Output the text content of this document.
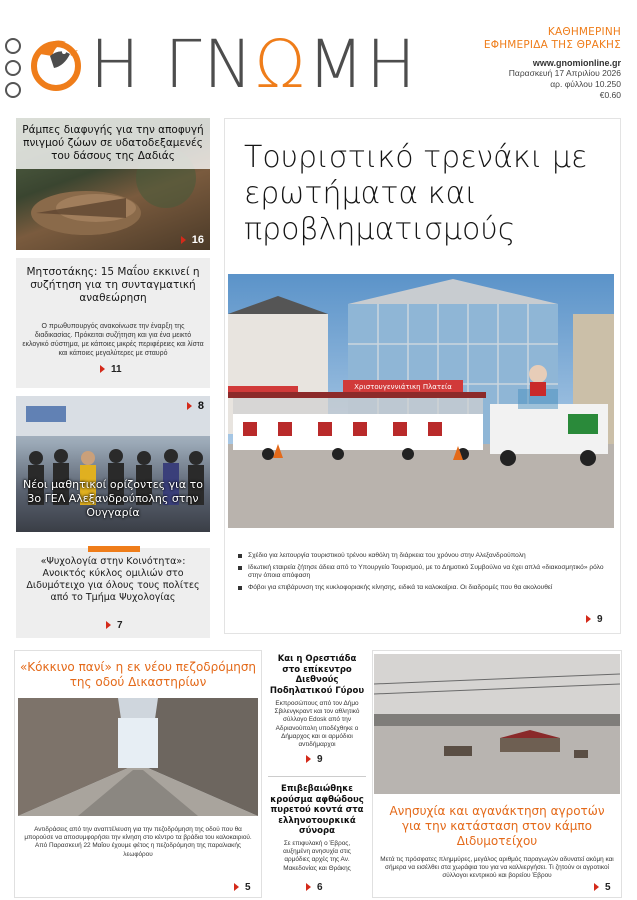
Η ΓΝΩΜΗ	ΚΑΘΗΜΕΡΙΝΗ
ΕΦΗΜΕΡΙΔΑ ΤΗΣ ΘΡΑΚΗΣ
www.gnomionline.gr
Παρασκευή 17 Απριλίου 2026
αρ. φύλλου 10.250
€0.60
Ράμπες διαφυγής για την αποφυγή πνιγμού ζώων σε υδατοδεξαμενές του δάσους της Δαδιάς
16
Μητσοτάκης: 15 Μαΐου εκκινεί η συζήτηση για τη συνταγματική αναθεώρηση
Ο πρωθυπουργός ανακοίνωσε την έναρξη της διαδικασίας. Πρόκειται συζήτηση και για ένα μεικτό εκλογικό σύστημα, με κάποιες μικρές περιφέρειες και λίστα και κάποιες μεγαλύτερες με σταυρό
11
8
Νέοι μαθητικοί ορίζοντες για το 3ο ΓΕΛ Αλεξανδρούπολης στην Ουγγαρία
«Ψυχολογία στην Κοινότητα»: Ανοικτός κύκλος ομιλιών στο Διδυμότειχο για όλους τους πολίτες από το Τμήμα Ψυχολογίας
7
Τουριστικό τρενάκι με ερωτήματα και προβληματισμούς
Χριστουγεννιάτικη Πλατεία
Σχέδιο για λειτουργία τουριστικού τρένου καθόλη τη διάρκεια του χρόνου στην Αλεξανδρούπολη
Ιδιωτική εταιρεία ζήτησε άδεια από το Υπουργείο Τουρισμού, με το Δημοτικό Συμβούλιο να έχει απλά «διακοσμητικό» ρόλο στην όποια απόφαση
Φόβοι για επιβάρυνση της κυκλοφοριακής κίνησης, ειδικά τα καλοκαίρια. Οι διαδρομές που θα ακολουθεί
9
«Κόκκινο πανί» η εκ νέου πεζοδρόμηση της οδού Δικαστηρίων
Αντιδράσεις από την αναπτέλευση για την πεζοδρόμηση της οδού που θα μπορούσε να αποσυμφορήσει την κίνηση στο κέντρο τα βράδια του καλοκαιριού. Από Παρασκευή 22 Μαΐου έχουμε φέτος η πεζοδρόμηση της παραλιακής λεωφόρου
5
Και η Ορεστιάδα στο επίκεντρο Διεθνούς Ποδηλατικού Γύρου
Εκπροσώπους από τον Δήμο Σβιλενγκραντ και τον αθλητικό σύλλογο Edosk από την Αδριανούπολη υποδέχθηκε ο Δήμαρχος και οι αρμόδιοι αντιδήμαρχοι
9
Επιβεβαιώθηκε κρούσμα αφθώδους πυρετού κοντά στα ελληνοτουρκικά σύνορα
Σε επιφυλακή ο Έβρος, αυξημένη ανησυχία στις αρμόδιες αρχές της Αν. Μακεδονίας και Θράκης
6
Ανησυχία και αγανάκτηση αγροτών για την κατάσταση στον κάμπο Διδυμοτείχου
Μετά τις πρόσφατες πλημμύρες, μεγάλος αριθμός παραγωγών αδυνατεί ακόμη και σήμερα να εισέλθει στα χωράφια του για να καλλιεργήσει. Τι ζητούν οι αγροτικοί σύλλογοι κεντρικού και βορείου Έβρου
5
